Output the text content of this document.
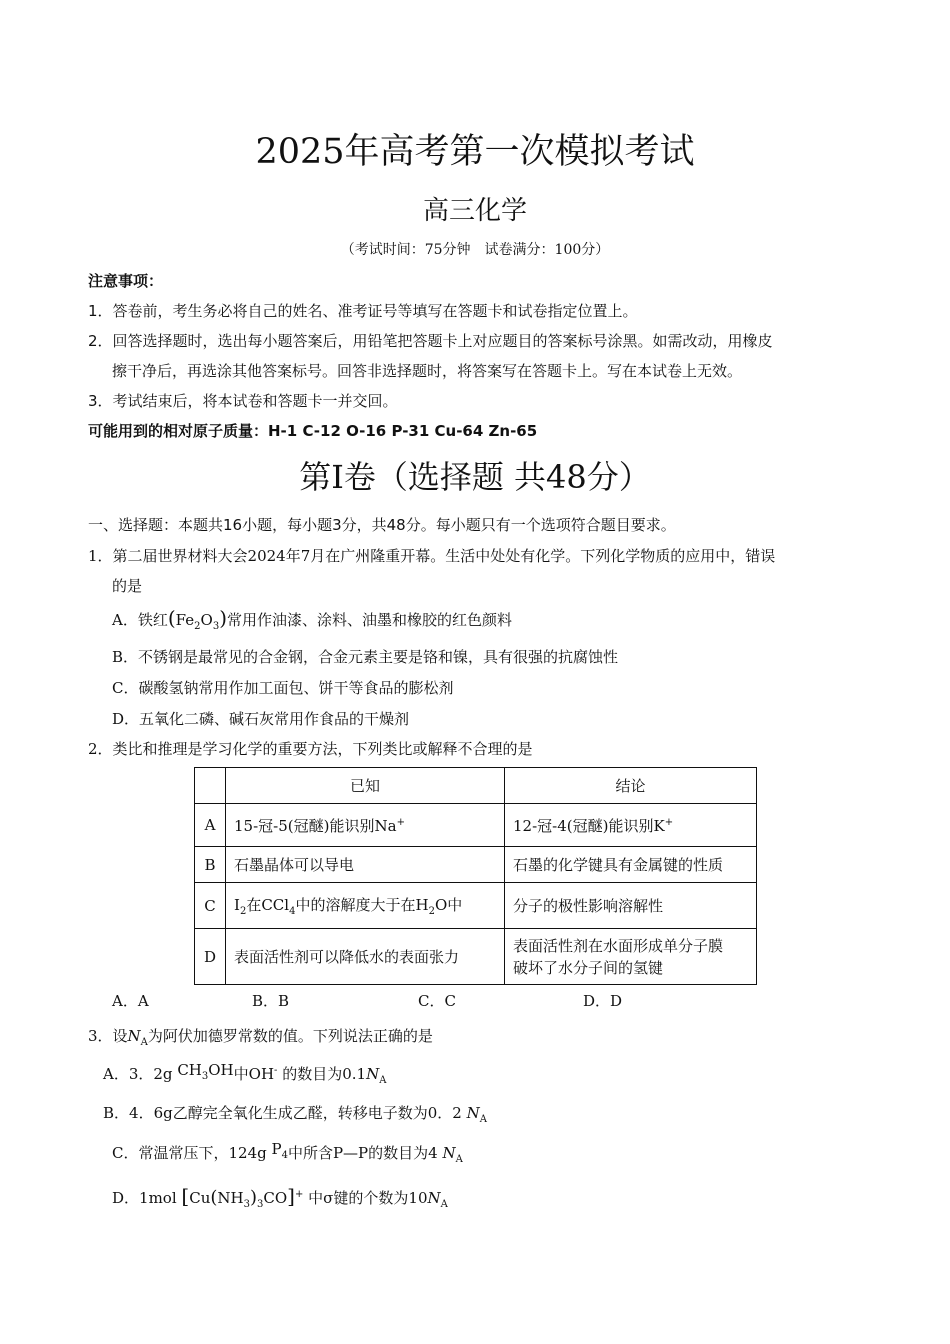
2025年高考第一次模拟考试
高三化学
（考试时间：75分钟　试卷满分：100分）
注意事项：
1．答卷前，考生务必将自己的姓名、准考证号等填写在答题卡和试卷指定位置上。
2．回答选择题时，选出每小题答案后，用铅笔把答题卡上对应题目的答案标号涂黑。如需改动，用橡皮
擦干净后，再选涂其他答案标号。回答非选择题时，将答案写在答题卡上。写在本试卷上无效。
3．考试结束后，将本试卷和答题卡一并交回。
可能用到的相对原子质量：H-1 C-12 O-16 P-31 Cu-64 Zn-65
第Ⅰ卷（选择题 共48分）
一、选择题：本题共16小题，每小题3分，共48分。每小题只有一个选项符合题目要求。
1．第二届世界材料大会2024年7月在广州隆重开幕。生活中处处有化学。下列化学物质的应用中，错误
的是
A．铁红$(Fe_2O_3)$常用作油漆、涂料、油墨和橡胶的红色颜料
B．不锈钢是最常见的合金钢，合金元素主要是铬和镍，具有很强的抗腐蚀性
C．碳酸氢钠常用作加工面包、饼干等食品的膨松剂
D．五氧化二磷、碱石灰常用作食品的干燥剂
2．类比和推理是学习化学的重要方法，下列类比或解释不合理的是
	已知	结论
A	15-冠-5(冠醚)能识别Na+	12-冠-4(冠醚)能识别K+
B	石墨晶体可以导电	石墨的化学键具有金属键的性质
C	$I_2$在CCl$_4$中的溶解度大于在$H_2O$中	分子的极性影响溶解性
D	表面活性剂可以降低水的表面张力	表面活性剂在水面形成单分子膜
破坏了水分子间的氢键
A．A	B．B	C．C	D．D
3．设$N_A$为阿伏加德罗常数的值。下列说法正确的是
A．3．2g $CH_3OH$中OH- 的数目为$0.1N_A$
B．4．6g乙醇完全氧化生成乙醛，转移电子数为0．2 $N_A$
C．常温常压下，124g $P_4$中所含P—P的数目为4 $N_A$
D．1mol $[Cu(NH_3)_3CO]^+$ 中σ键的个数为$10N_A$
